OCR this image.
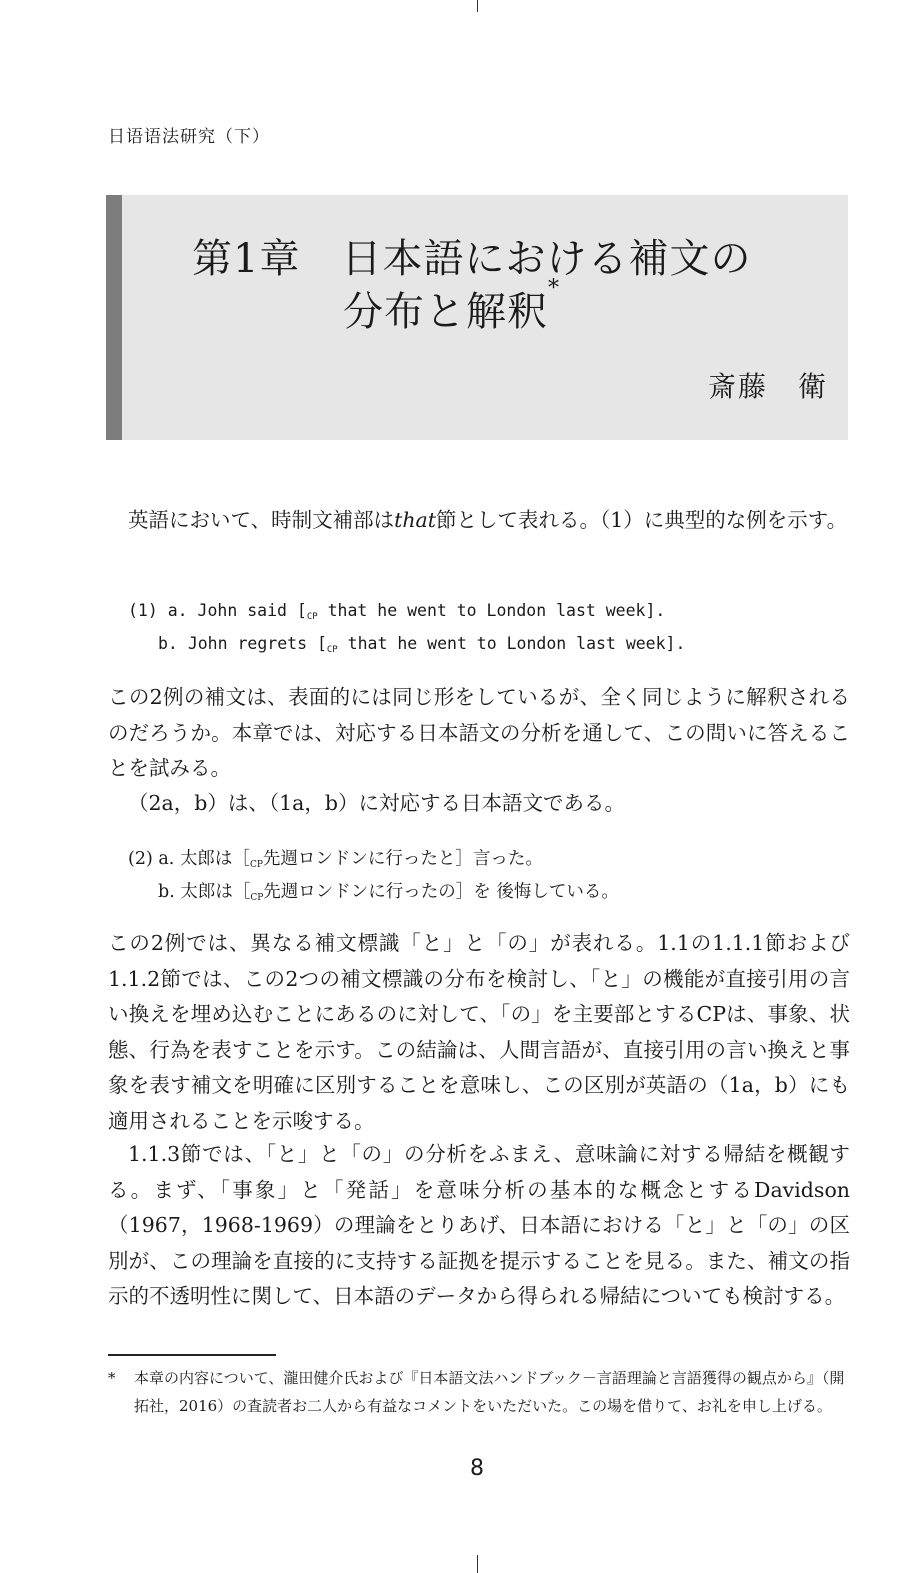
日语语法研究（下）
第1章　日本語における補文の
分布と解釈*
斎藤　衛

英語において、時制文補部はthat節として表れる。（1）に典型的な例を示す。

(1) a. John said [$_{CP}$ that he went to London last week].
b. John regrets [$_{CP}$ that he went to London last week].

この2例の補文は、表面的には同じ形をしているが、全く同じように解釈されるのだろうか。本章では、対応する日本語文の分析を通して、この問いに答えることを試みる。

（2a，b）は、（1a，b）に対応する日本語文である。

(2) a. 太郎は［CP先週ロンドンに行ったと］言った。
b. 太郎は［CP先週ロンドンに行ったの］を 後悔している。

この2例では、異なる補文標識「と」と「の」が表れる。1.1の1.1.1節および1.1.2節では、この2つの補文標識の分布を検討し、「と」の機能が直接引用の言い換えを埋め込むことにあるのに対して、「の」を主要部とするCPは、事象、状態、行為を表すことを示す。この結論は、人間言語が、直接引用の言い換えと事象を表す補文を明確に区別することを意味し、この区別が英語の（1a，b）にも適用されることを示唆する。

1.1.3節では、「と」と「の」の分析をふまえ、意味論に対する帰結を概観する。まず、「事象」と「発話」を意味分析の基本的な概念とするDavidson（1967，1968-1969）の理論をとりあげ、日本語における「と」と「の」の区別が、この理論を直接的に支持する証拠を提示することを見る。また、補文の指示的不透明性に関して、日本語のデータから得られる帰結についても検討する。

* 本章の内容について、瀧田健介氏および『日本語文法ハンドブック－言語理論と言語獲得の観点から』（開拓社，2016）の査読者お二人から有益なコメントをいただいた。この場を借りて、お礼を申し上げる。
8
